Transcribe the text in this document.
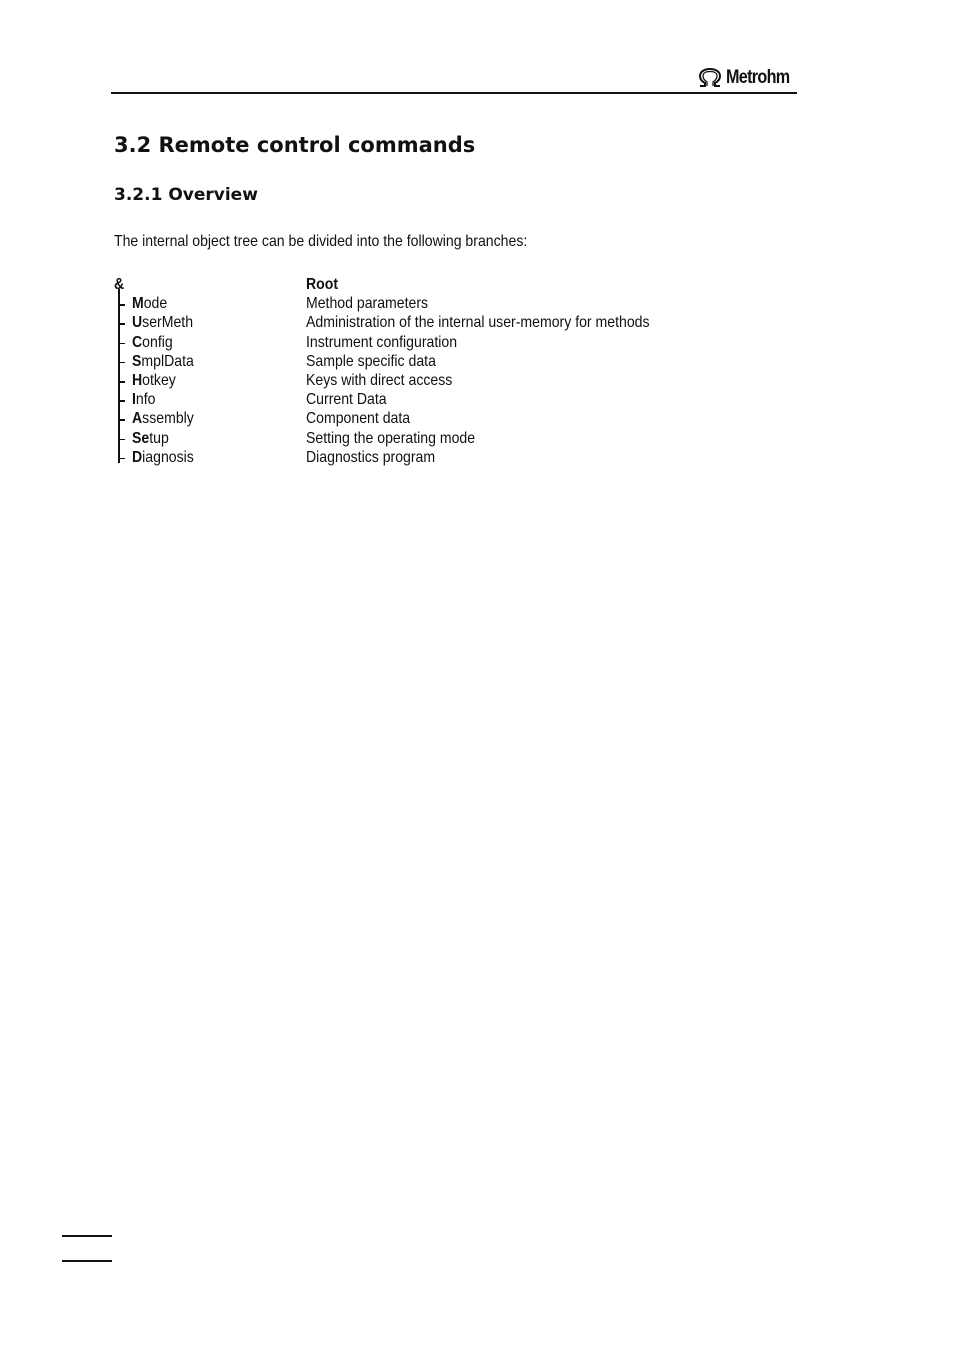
Metrohm
3.2 Remote control commands
3.2.1 Overview
The internal object tree can be divided into the following branches:
&	Root
Mode	Method parameters
UserMeth	Administration of the internal user-memory for methods
Config	Instrument configuration
SmplData	Sample specific data
Hotkey	Keys with direct access
Info	Current Data
Assembly	Component data
Setup	Setting the operating mode
Diagnosis	Diagnostics program
